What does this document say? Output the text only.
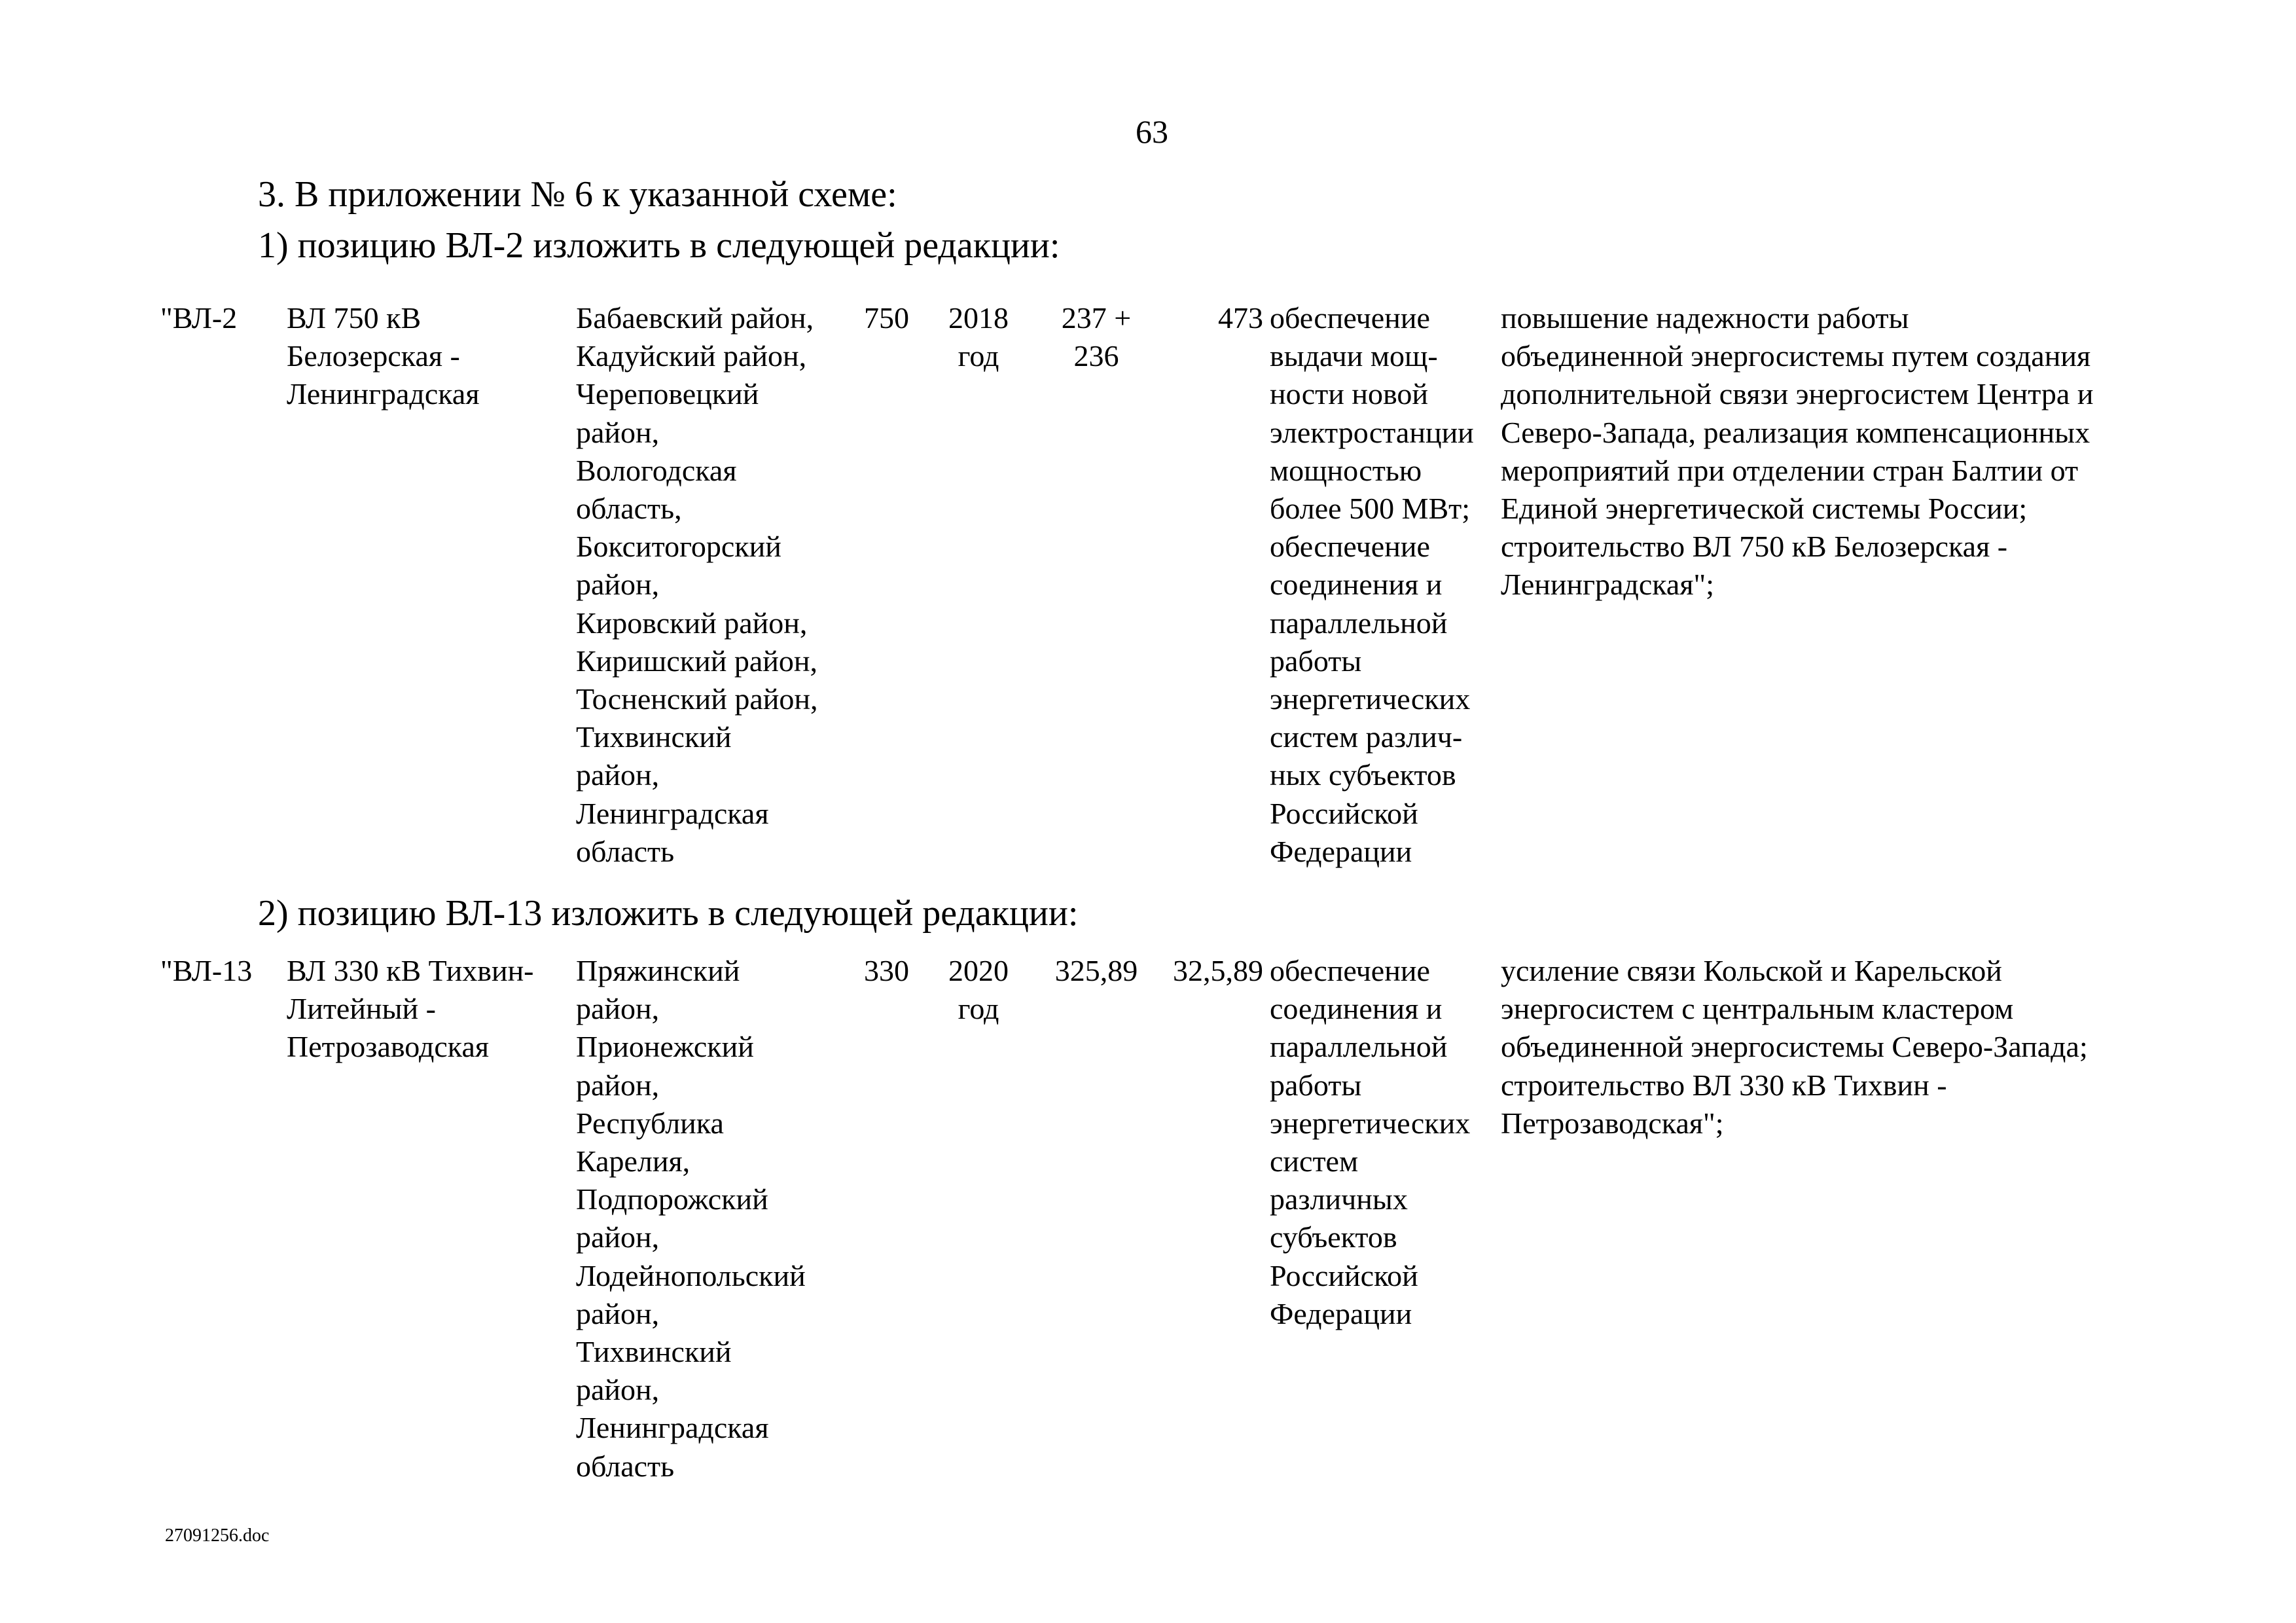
63
3. В приложении № 6 к указанной схеме:
1) позицию ВЛ-2 изложить в следующей редакции:
"ВЛ-2 ВЛ 750 кВ
Белозерская -
Ленинградская
Бабаевский район,
Кадуйский район,
Череповецкий
район,
Вологодская
область,
Бокситогорский
район,
Кировский район,
Киришский район,
Тосненский район,
Тихвинский
район,
Ленинградская
область
750 2018
год
237 +
236
473 обеспечение
выдачи мощ-
ности новой
электростанции
мощностью
более 500 МВт;
обеспечение
соединения и
параллельной
работы
энергетических
систем различ-
ных субъектов
Российской
Федерации
повышение надежности работы
объединенной энергосистемы путем создания
дополнительной связи энергосистем Центра и
Северо-Запада, реализация компенсационных
мероприятий при отделении стран Балтии от
Единой энергетической системы России;
строительство ВЛ 750 кВ Белозерская -
Ленинградская";
2) позицию ВЛ-13 изложить в следующей редакции:
"ВЛ-13 ВЛ 330 кВ Тихвин-
Литейный -
Петрозаводская
Пряжинский
район,
Прионежский
район,
Республика
Карелия,
Подпорожский
район,
Лодейнопольский
район,
Тихвинский
район,
Ленинградская
область
330 2020
год
325,89	32,5,89 обеспечение
соединения и
параллельной
работы
энергетических
систем
различных
субъектов
Российской
Федерации
усиление связи Кольской и Карельской
энергосистем с центральным кластером
объединенной энергосистемы Северо-Запада;
строительство ВЛ 330 кВ Тихвин -
Петрозаводская";
27091256.doc
